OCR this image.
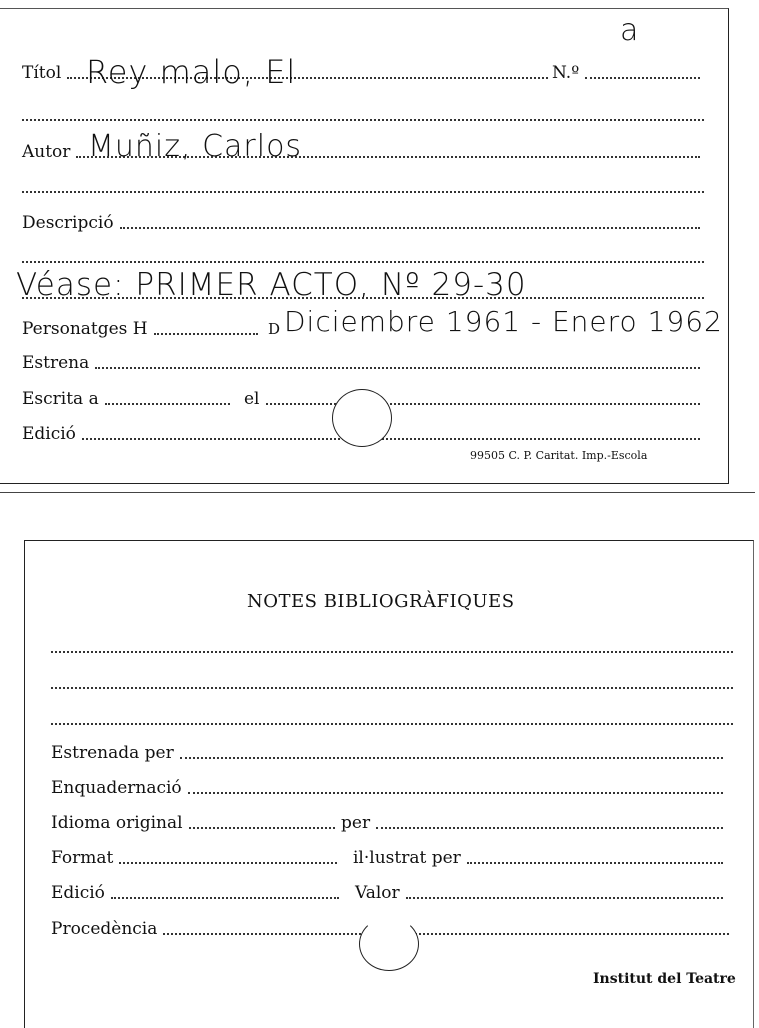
a
Títol Rey malo, El	N.º
Autor Muñiz, Carlos
Descripció
Véase: PRIMER ACTO, Nº 29-30
Personatges H	D Diciembre 1961 - Enero 1962
Estrena
Escrita a	el
Edició
99505 C. P. Caritat. Imp.-Escola
NOTES BIBLIOGRÀFIQUES
Estrenada per
Enquadernació
Idioma original	per
Format	il·lustrat per
Edició	Valor
Procedència
Institut del Teatre
